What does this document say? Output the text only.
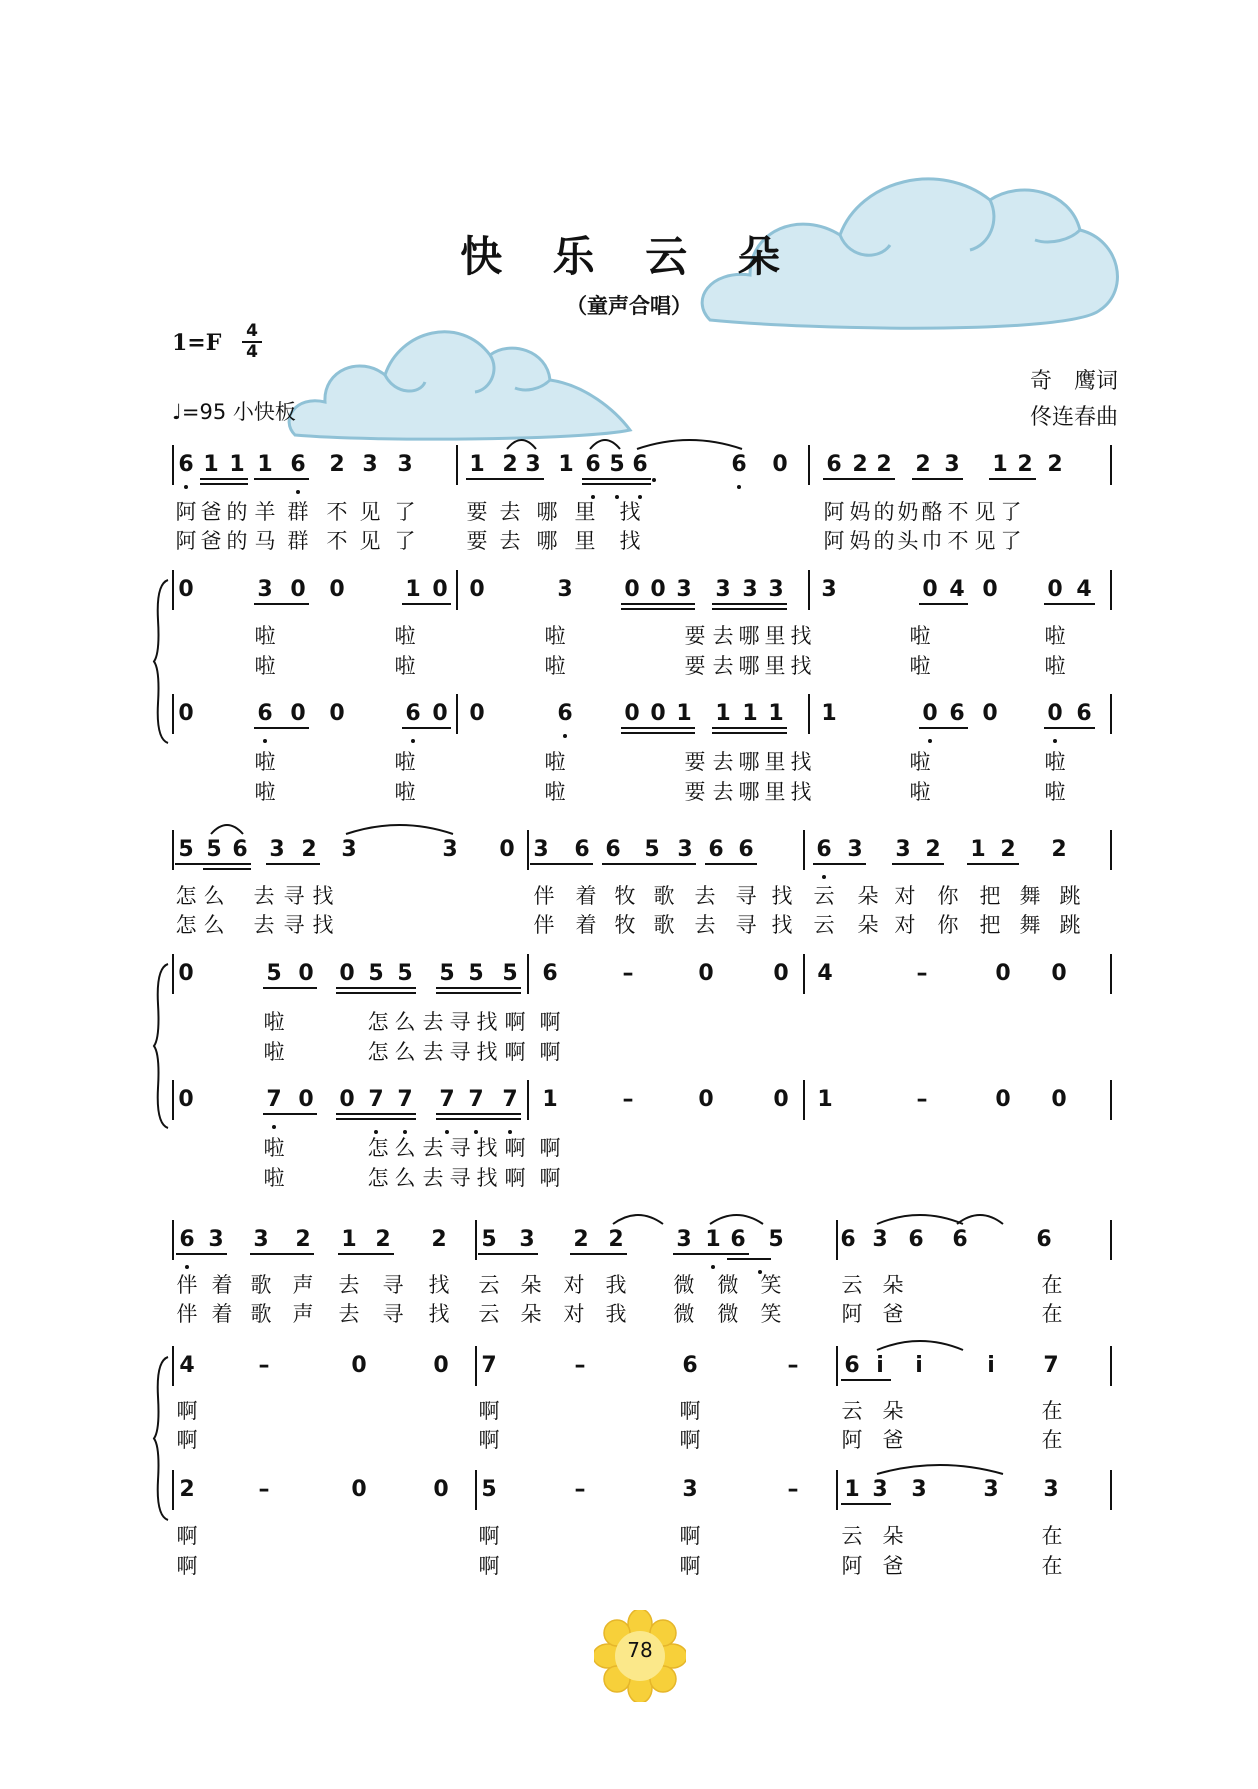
快 乐 云 朵
（童声合唱）
1=F	4
4
♩=95 小快板
奇　鹰词
佟连春曲
6 1 1 1 6 2 3 3	1 2 3 1 6 5 6	6 0 6 2 2 2 3 1 2 2
阿 爸 的 羊 群 不 见 了 要 去 哪 里 找	阿 妈 的 奶 酪 不 见 了
阿 爸 的 马 群 不 见 了 要 去 哪 里 找	阿 妈 的 头 巾 不 见 了
0	3 0 0	1 0 0	3 0 0 3 3 3 3 3	0 4 0 0 4
啦	啦	啦	要 去 哪 里 找	啦	啦
啦	啦	啦	要 去 哪 里 找	啦	啦
0	6 0 0	6 0 0	6 0 0 1 1 1 1 1	0 6 0 0 6
啦	啦	啦	要 去 哪 里 找	啦	啦
啦	啦	啦	要 去 哪 里 找	啦	啦
5 5 6 3 2 3	3 0 3 6 6 5 3 6 6	6 3 3 2 1 2 2
怎 么 去 寻 找	伴 着 牧 歌 去 寻 找 云 朵 对 你 把 舞 跳
怎 么 去 寻 找	伴 着 牧 歌 去 寻 找 云 朵 对 你 把 舞 跳
0	5 0 0 5 5 5 5 5 6	–	0	0 4	–	0 0
啦	怎 么 去 寻 找 啊 啊
啦	怎 么 去 寻 找 啊 啊
0	7 0 0 7 7 7 7 7 1	–	0	0 1	–	0 0
啦	怎 么 去 寻 找 啊 啊
啦	怎 么 去 寻 找 啊 啊
6 3 3 2 1 2 2 5 3 2 2 3 1 6 5	6 3 6 6	6
伴 着 歌 声 去 寻 找 云 朵 对 我 微 微 笑	云 朵	在
伴 着 歌 声 去 寻 找 云 朵 对 我 微 微 笑	阿 爸	在
4	–	0	0 7	–	6	–	6 i	i	i	7
啊	啊	啊	云 朵	在
啊	啊	啊	阿 爸	在
2	–	0	0 5	–	3	–	1 3 3	3 3
啊	啊	啊	云 朵	在
啊	啊	啊	阿 爸	在
78
